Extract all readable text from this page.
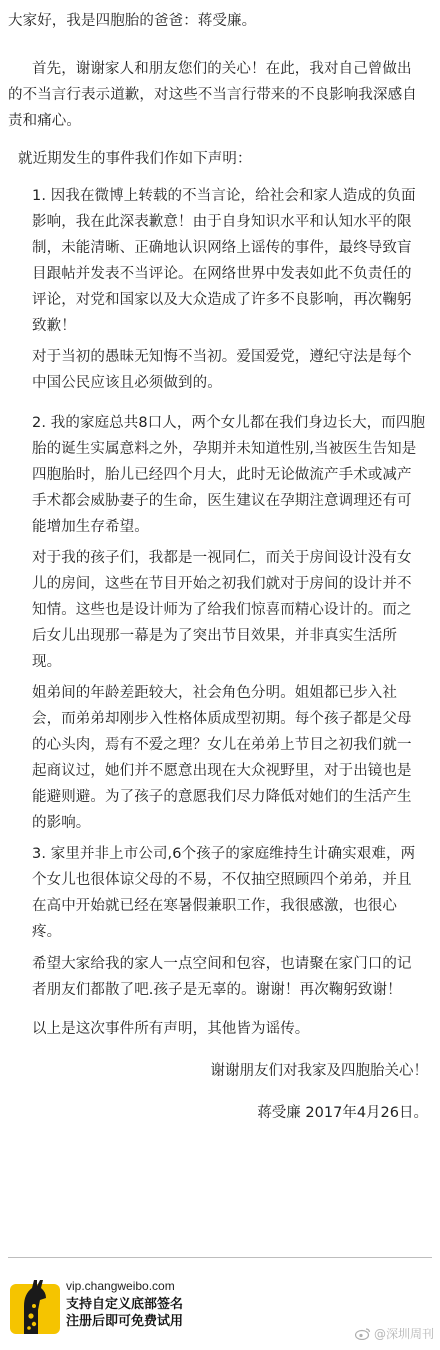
大家好，我是四胞胎的爸爸：蒋受廉。
首先，谢谢家人和朋友您们的关心！在此，我对自己曾做出
的不当言行表示道歉，对这些不当言行带来的不良影响我深感自
责和痛心。
就近期发生的事件我们作如下声明：
1. 因我在微博上转载的不当言论，给社会和家人造成的负面
影响，我在此深表歉意！由于自身知识水平和认知水平的限
制，未能清晰、正确地认识网络上谣传的事件，最终导致盲
目跟帖并发表不当评论。在网络世界中发表如此不负责任的
评论，对党和国家以及大众造成了许多不良影响，再次鞠躬
致歉！
对于当初的愚昧无知悔不当初。爱国爱党，遵纪守法是每个
中国公民应该且必须做到的。
2. 我的家庭总共8口人，两个女儿都在我们身边长大，而四胞
胎的诞生实属意料之外，孕期并未知道性别,当被医生告知是
四胞胎时，胎儿已经四个月大，此时无论做流产手术或减产
手术都会威胁妻子的生命，医生建议在孕期注意调理还有可
能增加生存希望。
对于我的孩子们，我都是一视同仁，而关于房间设计没有女
儿的房间，这些在节目开始之初我们就对于房间的设计并不
知情。这些也是设计师为了给我们惊喜而精心设计的。而之
后女儿出现那一幕是为了突出节目效果，并非真实生活所
现。
姐弟间的年龄差距较大，社会角色分明。姐姐都已步入社
会，而弟弟却刚步入性格体质成型初期。每个孩子都是父母
的心头肉，焉有不爱之理？女儿在弟弟上节目之初我们就一
起商议过，她们并不愿意出现在大众视野里，对于出镜也是
能避则避。为了孩子的意愿我们尽力降低对她们的生活产生
的影响。
3. 家里并非上市公司,6个孩子的家庭维持生计确实艰难，两
个女儿也很体谅父母的不易，不仅抽空照顾四个弟弟，并且
在高中开始就已经在寒暑假兼职工作，我很感激，也很心
疼。
希望大家给我的家人一点空间和包容，也请聚在家门口的记
者朋友们都散了吧.孩子是无辜的。谢谢！再次鞠躬致谢！
以上是这次事件所有声明，其他皆为谣传。
谢谢朋友们对我家及四胞胎关心！
蒋受廉 2017年4月26日。
vip.changweibo.com
支持自定义底部签名
注册后即可免费试用
@深圳周刊
